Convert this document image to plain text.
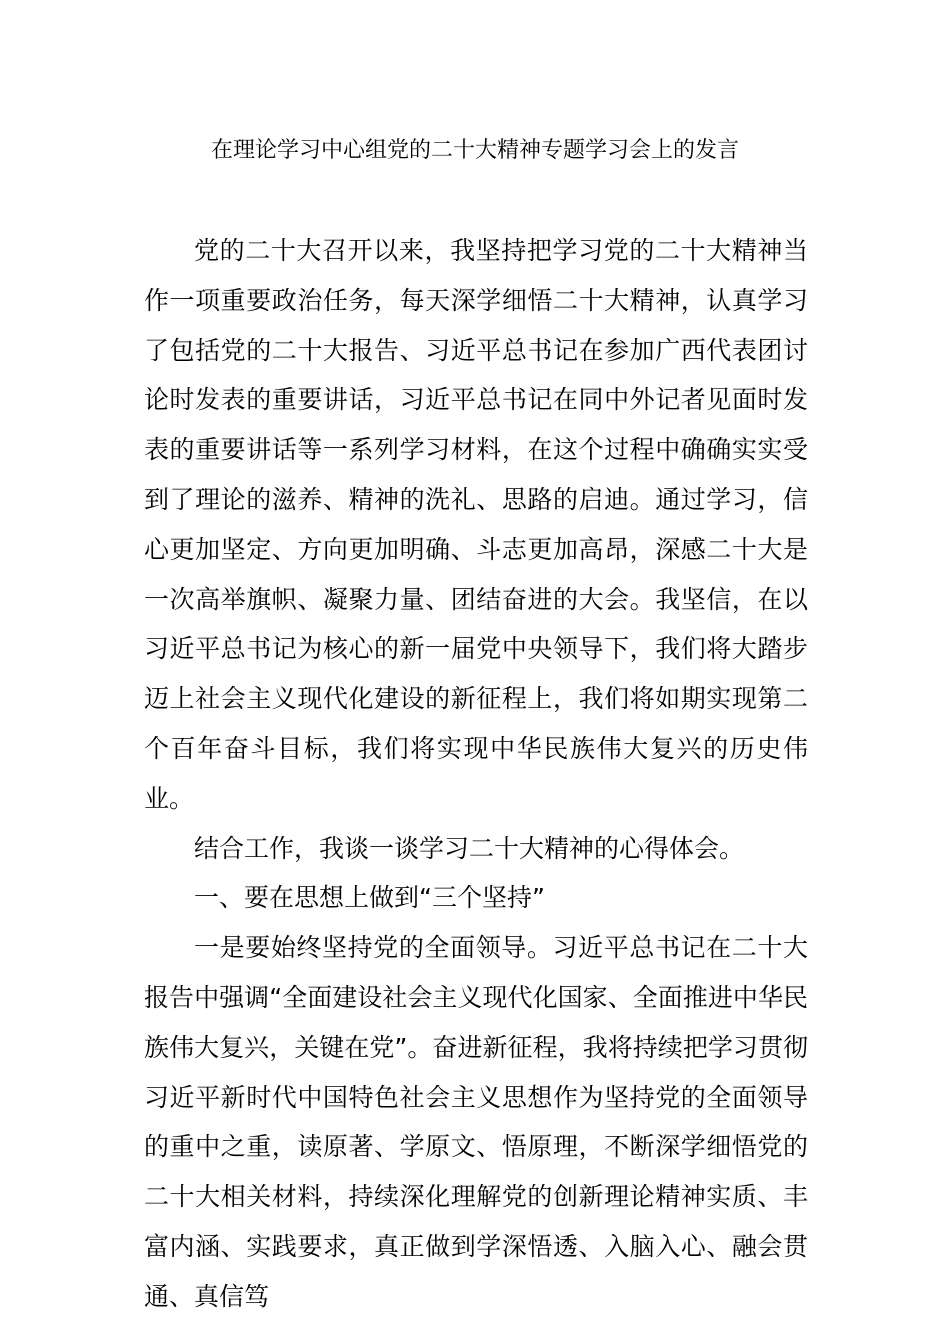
在理论学习中心组党的二十大精神专题学习会上的发言

党的二十大召开以来，我坚持把学习党的二十大精神当作一项重要政治任务，每天深学细悟二十大精神，认真学习了包括党的二十大报告、习近平总书记在参加广西代表团讨论时发表的重要讲话，习近平总书记在同中外记者见面时发表的重要讲话等一系列学习材料，在这个过程中确确实实受到了理论的滋养、精神的洗礼、思路的启迪。通过学习，信心更加坚定、方向更加明确、斗志更加高昂，深感二十大是一次高举旗帜、凝聚力量、团结奋进的大会。我坚信，在以习近平总书记为核心的新一届党中央领导下，我们将大踏步迈上社会主义现代化建设的新征程上，我们将如期实现第二个百年奋斗目标，我们将实现中华民族伟大复兴的历史伟业。

结合工作，我谈一谈学习二十大精神的心得体会。

一、要在思想上做到“三个坚持”

一是要始终坚持党的全面领导。习近平总书记在二十大报告中强调“全面建设社会主义现代化国家、全面推进中华民族伟大复兴，关键在党”。奋进新征程，我将持续把学习贯彻习近平新时代中国特色社会主义思想作为坚持党的全面领导的重中之重，读原著、学原文、悟原理，不断深学细悟党的二十大相关材料，持续深化理解党的创新理论精神实质、丰富内涵、实践要求，真正做到学深悟透、入脑入心、融会贯通、真信笃
